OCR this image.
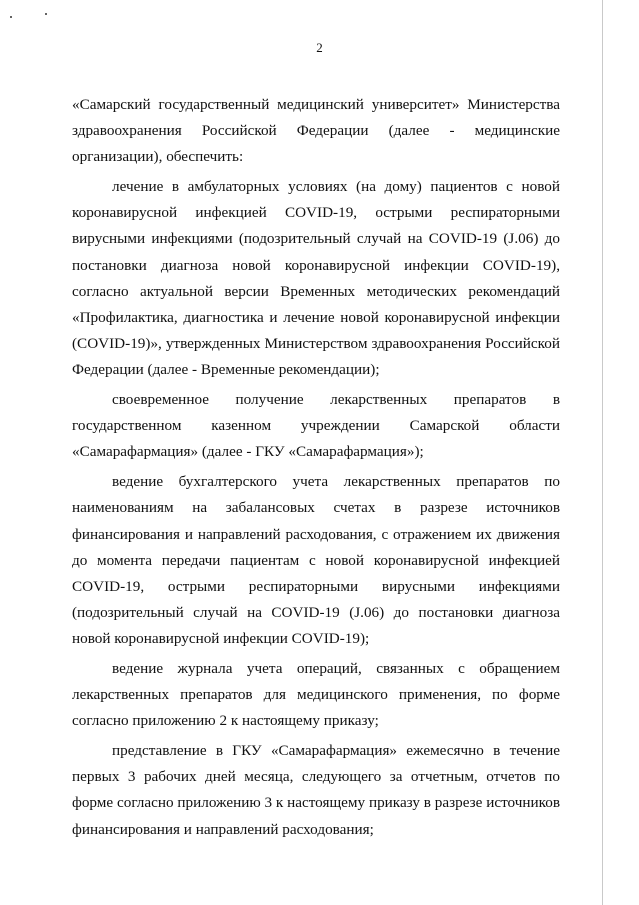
2

«Самарский государственный медицинский университет» Министерства здравоохранения Российской Федерации (далее - медицинские организации), обеспечить:

лечение в амбулаторных условиях (на дому) пациентов с новой коронавирусной инфекцией COVID-19, острыми респираторными вирусными инфекциями (подозрительный случай на COVID-19 (J.06) до постановки диагноза новой коронавирусной инфекции COVID-19), согласно актуальной версии Временных методических рекомендаций «Профилактика, диагностика и лечение новой коронавирусной инфекции (COVID-19)», утвержденных Министерством здравоохранения Российской Федерации (далее - Временные рекомендации);

своевременное получение лекарственных препаратов в государственном казенном учреждении Самарской области «Самарафармация» (далее - ГКУ «Самарафармация»);

ведение бухгалтерского учета лекарственных препаратов по наименованиям на забалансовых счетах в разрезе источников финансирования и направлений расходования, с отражением их движения до момента передачи пациентам с новой коронавирусной инфекцией COVID-19, острыми респираторными вирусными инфекциями (подозрительный случай на COVID-19 (J.06) до постановки диагноза новой коронавирусной инфекции COVID-19);

ведение журнала учета операций, связанных с обращением лекарственных препаратов для медицинского применения, по форме согласно приложению 2 к настоящему приказу;

представление в ГКУ «Самарафармация» ежемесячно в течение первых 3 рабочих дней месяца, следующего за отчетным, отчетов по форме согласно приложению 3 к настоящему приказу в разрезе источников финансирования и направлений расходования;
